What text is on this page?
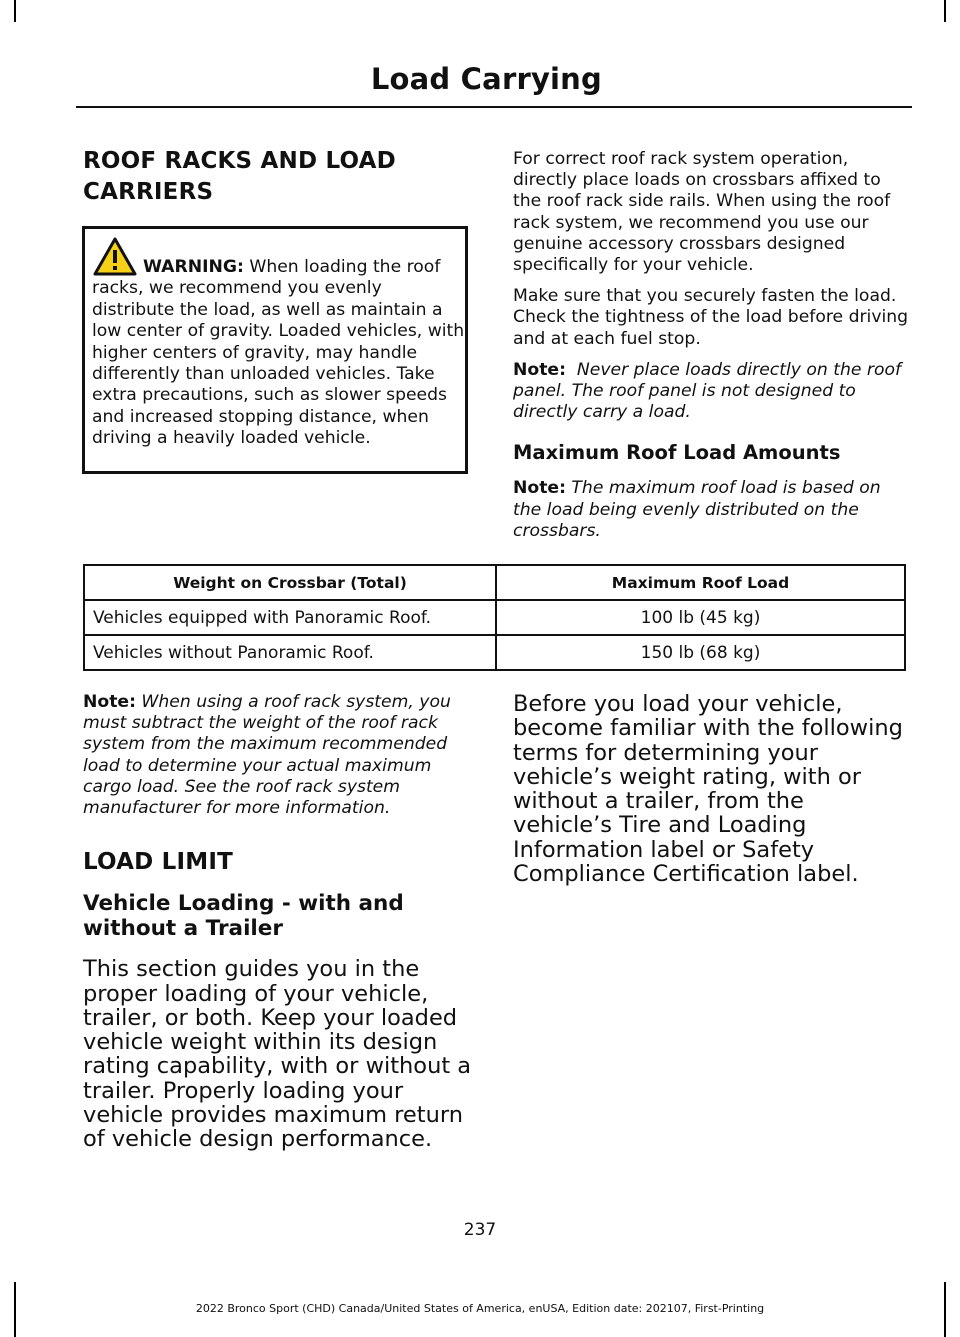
Load Carrying

ROOF RACKS AND LOAD

CARRIERS

WARNING: When loading the roof racks, we recommend you evenly distribute the load, as well as maintain a low center of gravity. Loaded vehicles, with higher centers of gravity, may handle differently than unloaded vehicles. Take extra precautions, such as slower speeds and increased stopping distance, when driving a heavily loaded vehicle.

For correct roof rack system operation, directly place loads on crossbars affixed to the roof rack side rails. When using the roof rack system, we recommend you use our genuine accessory crossbars designed specifically for your vehicle.

Make sure that you securely fasten the load. Check the tightness of the load before driving and at each fuel stop.

Note: Never place loads directly on the roof panel. The roof panel is not designed to directly carry a load.

Maximum Roof Load Amounts

Note: The maximum roof load is based on the load being evenly distributed on the crossbars.

Weight on Crossbar (Total)	Maximum Roof Load
Vehicles equipped with Panoramic Roof.	100 lb (45 kg)
Vehicles without Panoramic Roof.	150 lb (68 kg)

Note: When using a roof rack system, you must subtract the weight of the roof rack system from the maximum recommended load to determine your actual maximum cargo load. See the roof rack system manufacturer for more information.

LOAD LIMIT

Vehicle Loading - with and without a Trailer

This section guides you in the proper loading of your vehicle, trailer, or both. Keep your loaded vehicle weight within its design rating capability, with or without a trailer. Properly loading your vehicle provides maximum return of vehicle design performance.

Before you load your vehicle, become familiar with the following terms for determining your vehicle’s weight rating, with or without a trailer, from the vehicle’s Tire and Loading Information label or Safety Compliance Certification label.

237
2022 Bronco Sport (CHD) Canada/United States of America, enUSA, Edition date: 202107, First-Printing
